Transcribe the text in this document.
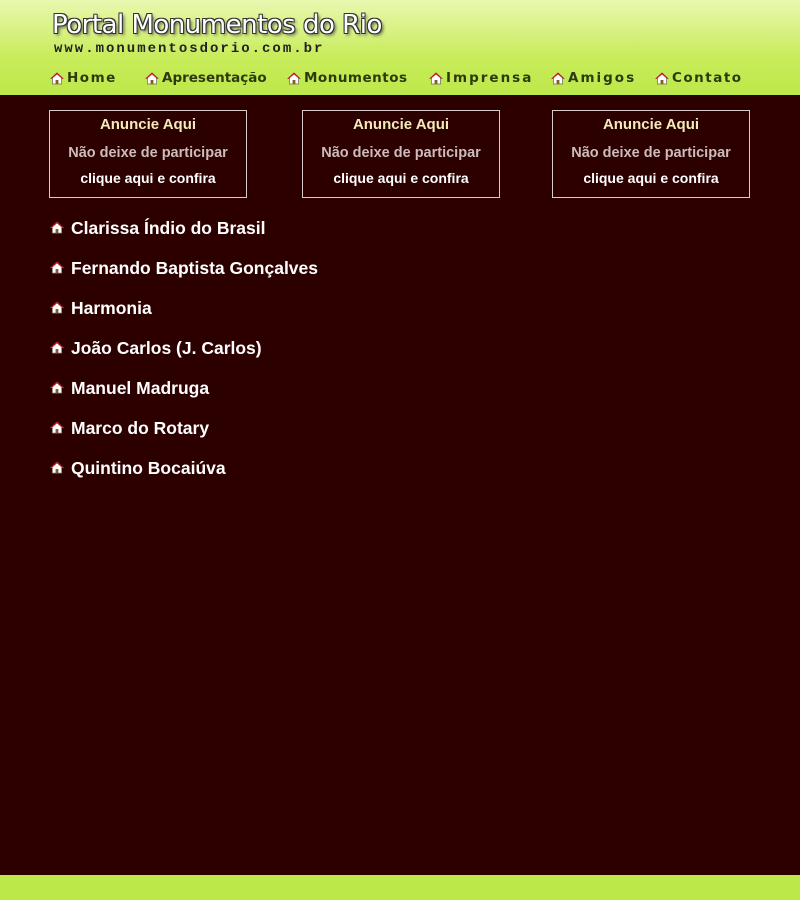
Portal Monumentos do Rio
www.monumentosdorio.com.br
Home	Apresentação	Monumentos	Imprensa	Amigos	Contato
Anuncie Aqui
Não deixe de participar
clique aqui e confira
Anuncie Aqui
Não deixe de participar
clique aqui e confira
Anuncie Aqui
Não deixe de participar
clique aqui e confira
Clarissa Índio do Brasil
Fernando Baptista Gonçalves
Harmonia
João Carlos (J. Carlos)
Manuel Madruga
Marco do Rotary
Quintino Bocaiúva
